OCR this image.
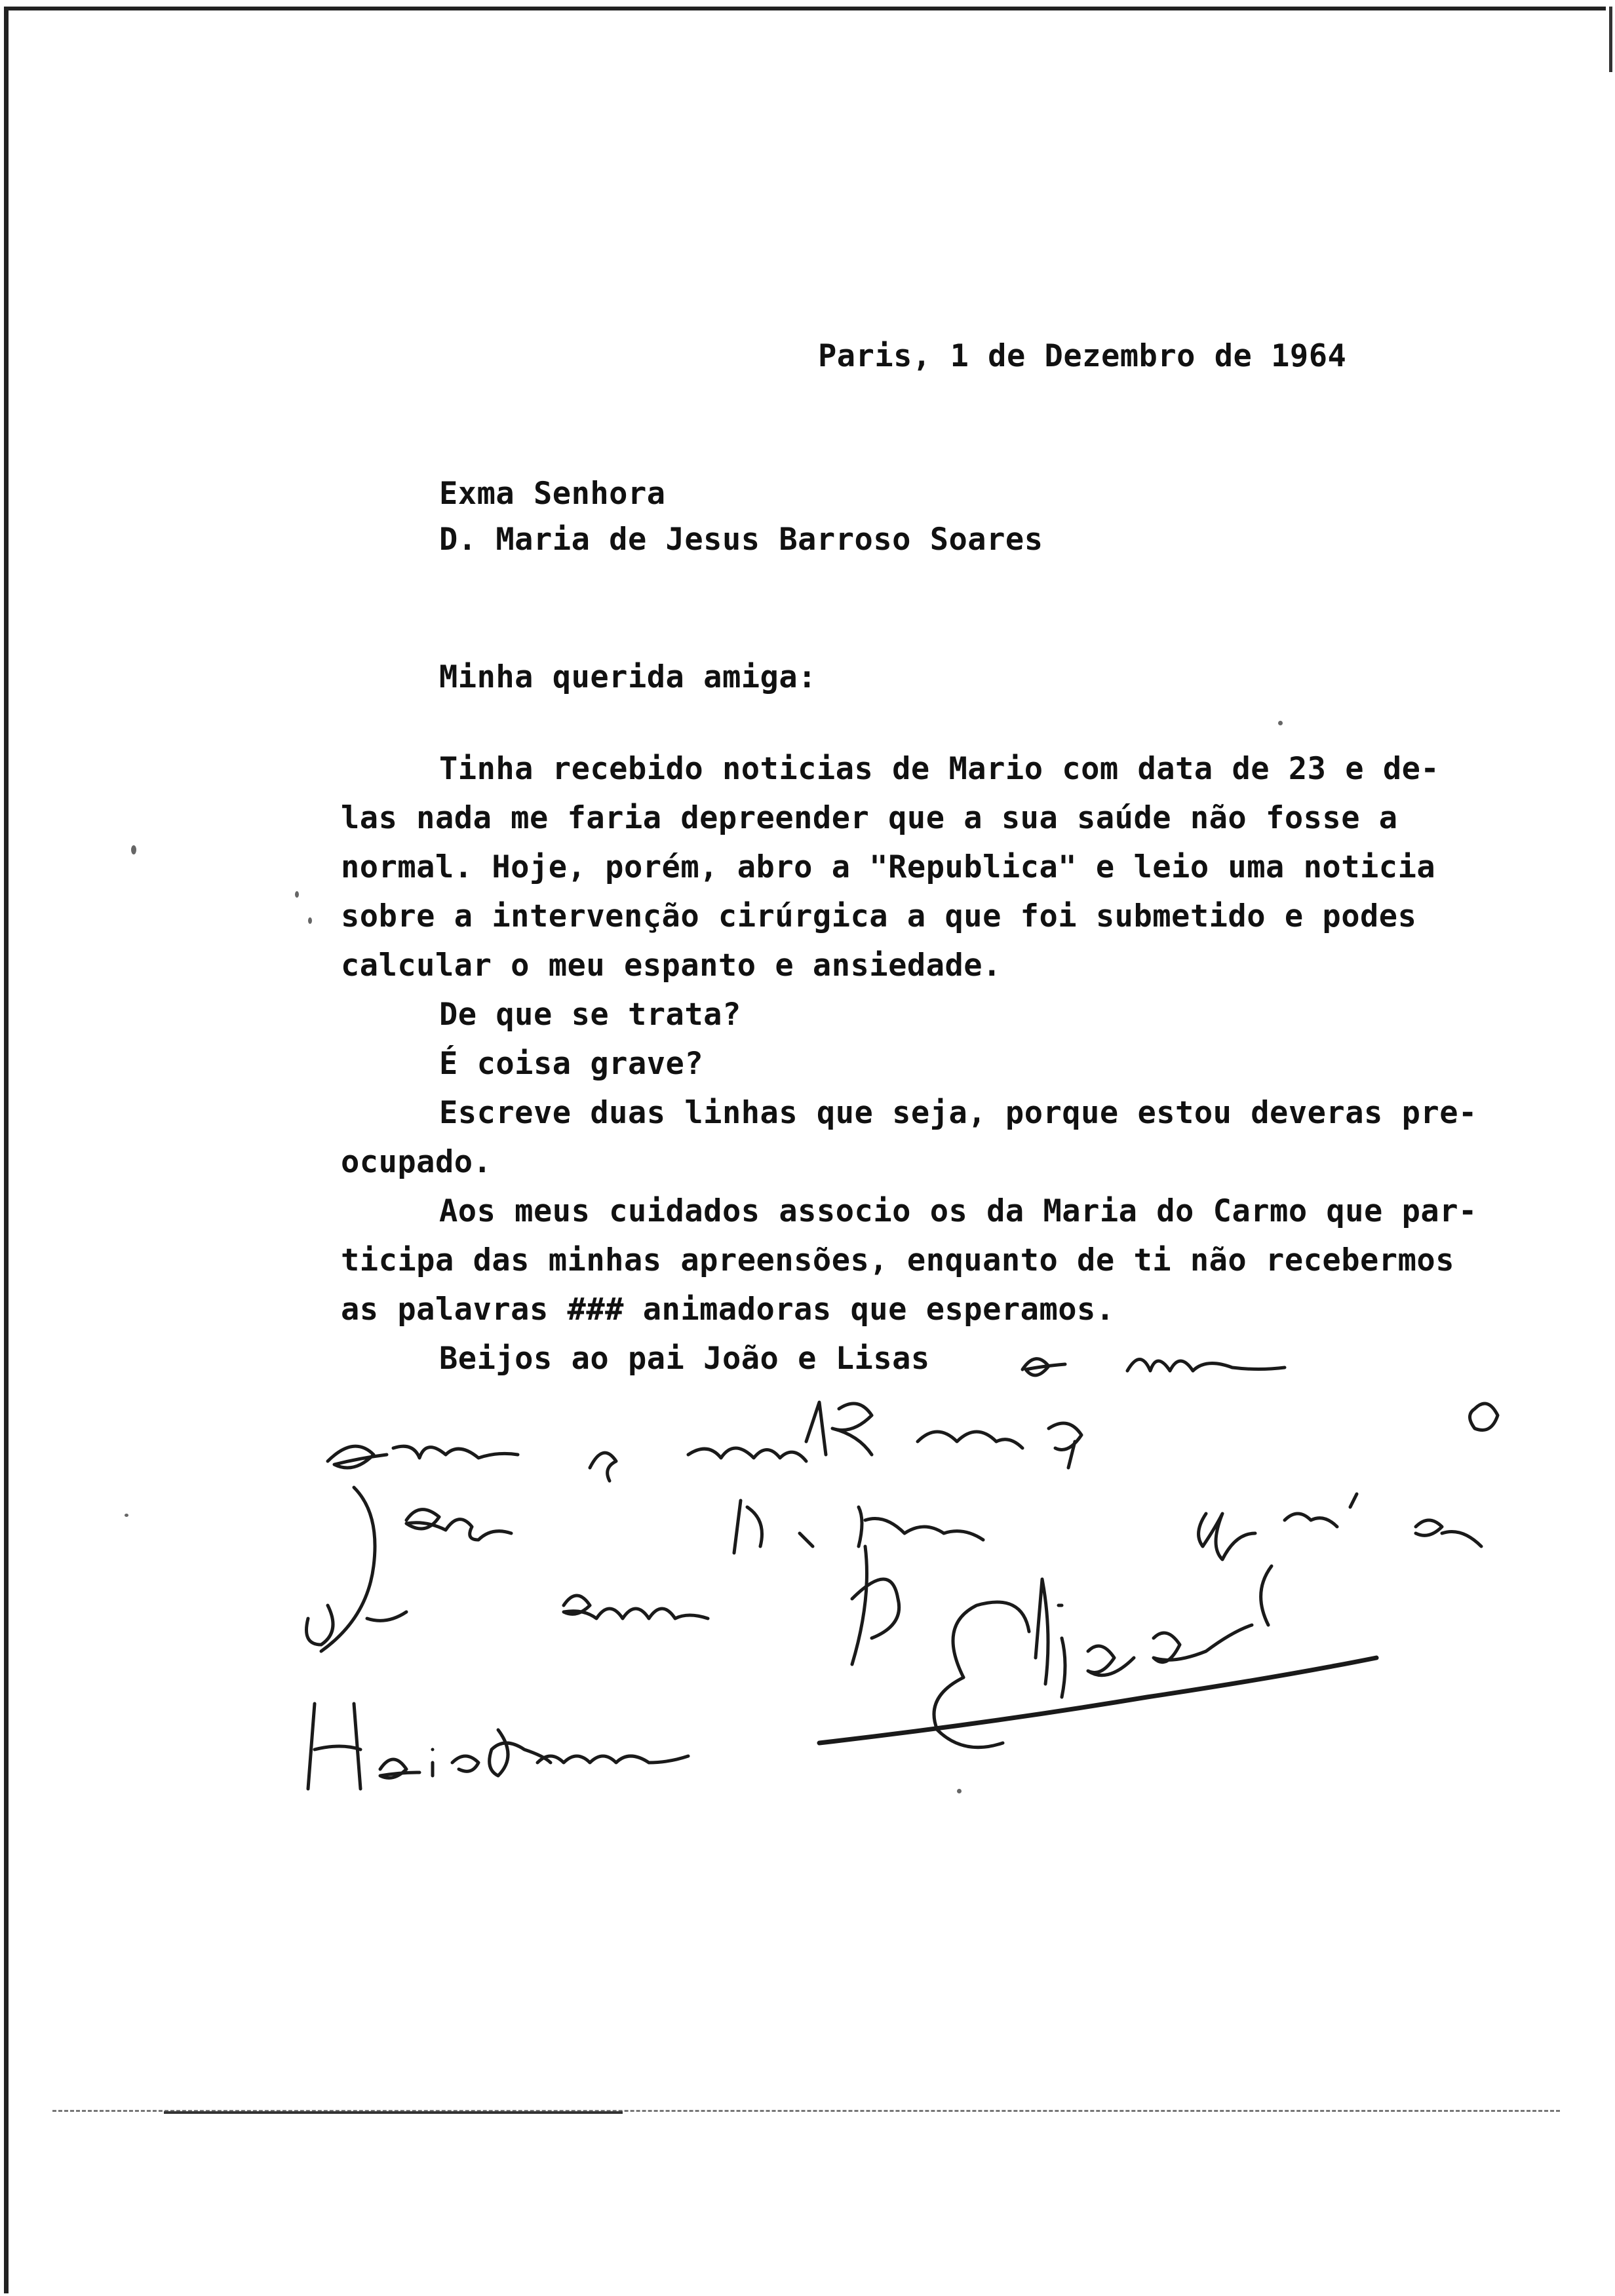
Paris, 1 de Dezembro de 1964
Exma Senhora
D. Maria de Jesus Barroso Soares
Minha querida amiga:
Tinha recebido noticias de Mario com data de 23 e de-
las nada me faria depreender que a sua saúde não fosse a
normal. Hoje, porém, abro a "Republica" e leio uma noticia
sobre a intervenção cirúrgica a que foi submetido e podes
calcular o meu espanto e ansiedade.
De que se trata?
É coisa grave?
Escreve duas linhas que seja, porque estou deveras pre-
ocupado.
Aos meus cuidados associo os da Maria do Carmo que par-
ticipa das minhas apreensões, enquanto de ti não recebermos
as palavras ### animadoras que esperamos.
Beijos ao pai João e Lisas
